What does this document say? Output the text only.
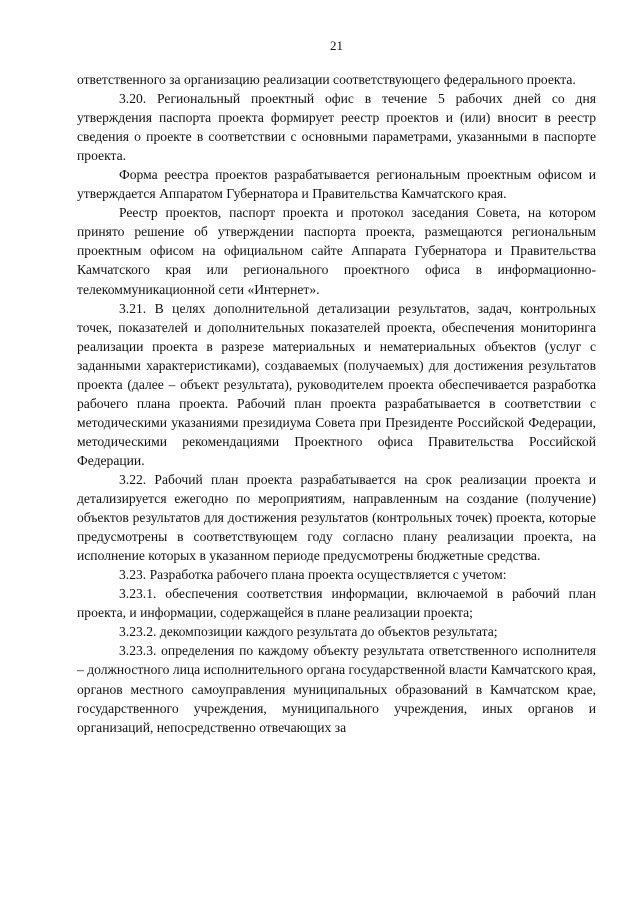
21

ответственного за организацию реализации соответствующего федерального проекта.

3.20. Региональный проектный офис в течение 5 рабочих дней со дня утверждения паспорта проекта формирует реестр проектов и (или) вносит в реестр сведения о проекте в соответствии с основными параметрами, указанными в паспорте проекта.

Форма реестра проектов разрабатывается региональным проектным офисом и утверждается Аппаратом Губернатора и Правительства Камчатского края.

Реестр проектов, паспорт проекта и протокол заседания Совета, на котором принято решение об утверждении паспорта проекта, размещаются региональным проектным офисом на официальном сайте Аппарата Губернатора и Правительства Камчатского края или регионального проектного офиса в информационно-телекоммуникационной сети «Интернет».

3.21. В целях дополнительной детализации результатов, задач, контрольных точек, показателей и дополнительных показателей проекта, обеспечения мониторинга реализации проекта в разрезе материальных и нематериальных объектов (услуг с заданными характеристиками), создаваемых (получаемых) для достижения результатов проекта (далее – объект результата), руководителем проекта обеспечивается разработка рабочего плана проекта. Рабочий план проекта разрабатывается в соответствии с методическими указаниями президиума Совета при Президенте Российской Федерации, методическими рекомендациями Проектного офиса Правительства Российской Федерации.

3.22. Рабочий план проекта разрабатывается на срок реализации проекта и детализируется ежегодно по мероприятиям, направленным на создание (получение) объектов результатов для достижения результатов (контрольных точек) проекта, которые предусмотрены в соответствующем году согласно плану реализации проекта, на исполнение которых в указанном периоде предусмотрены бюджетные средства.

3.23. Разработка рабочего плана проекта осуществляется с учетом:

3.23.1. обеспечения соответствия информации, включаемой в рабочий план проекта, и информации, содержащейся в плане реализации проекта;

3.23.2. декомпозиции каждого результата до объектов результата;

3.23.3. определения по каждому объекту результата ответственного исполнителя – должностного лица исполнительного органа государственной власти Камчатского края, органов местного самоуправления муниципальных образований в Камчатском крае, государственного учреждения, муниципального учреждения, иных органов и организаций, непосредственно отвечающих за
